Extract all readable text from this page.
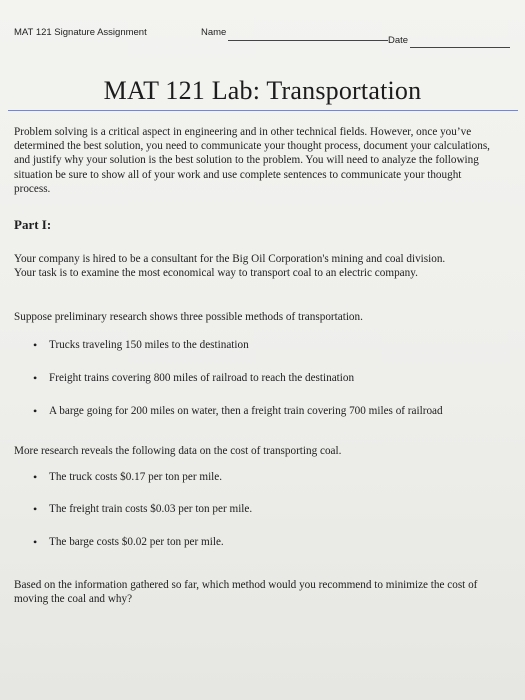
MAT 121 Signature Assignment	Name
Date
MAT 121 Lab: Transportation
Problem solving is a critical aspect in engineering and in other technical fields. However, once you’ve
determined the best solution, you need to communicate your thought process, document your calculations,
and justify why your solution is the best solution to the problem. You will need to analyze the following
situation be sure to show all of your work and use complete sentences to communicate your thought
process.
Part I:
Your company is hired to be a consultant for the Big Oil Corporation's mining and coal division.
Your task is to examine the most economical way to transport coal to an electric company.
Suppose preliminary research shows three possible methods of transportation.
• Trucks traveling 150 miles to the destination
• Freight trains covering 800 miles of railroad to reach the destination
• A barge going for 200 miles on water, then a freight train covering 700 miles of railroad
More research reveals the following data on the cost of transporting coal.
• The truck costs $0.17 per ton per mile.
• The freight train costs $0.03 per ton per mile.
• The barge costs $0.02 per ton per mile.
Based on the information gathered so far, which method would you recommend to minimize the cost of
moving the coal and why?
